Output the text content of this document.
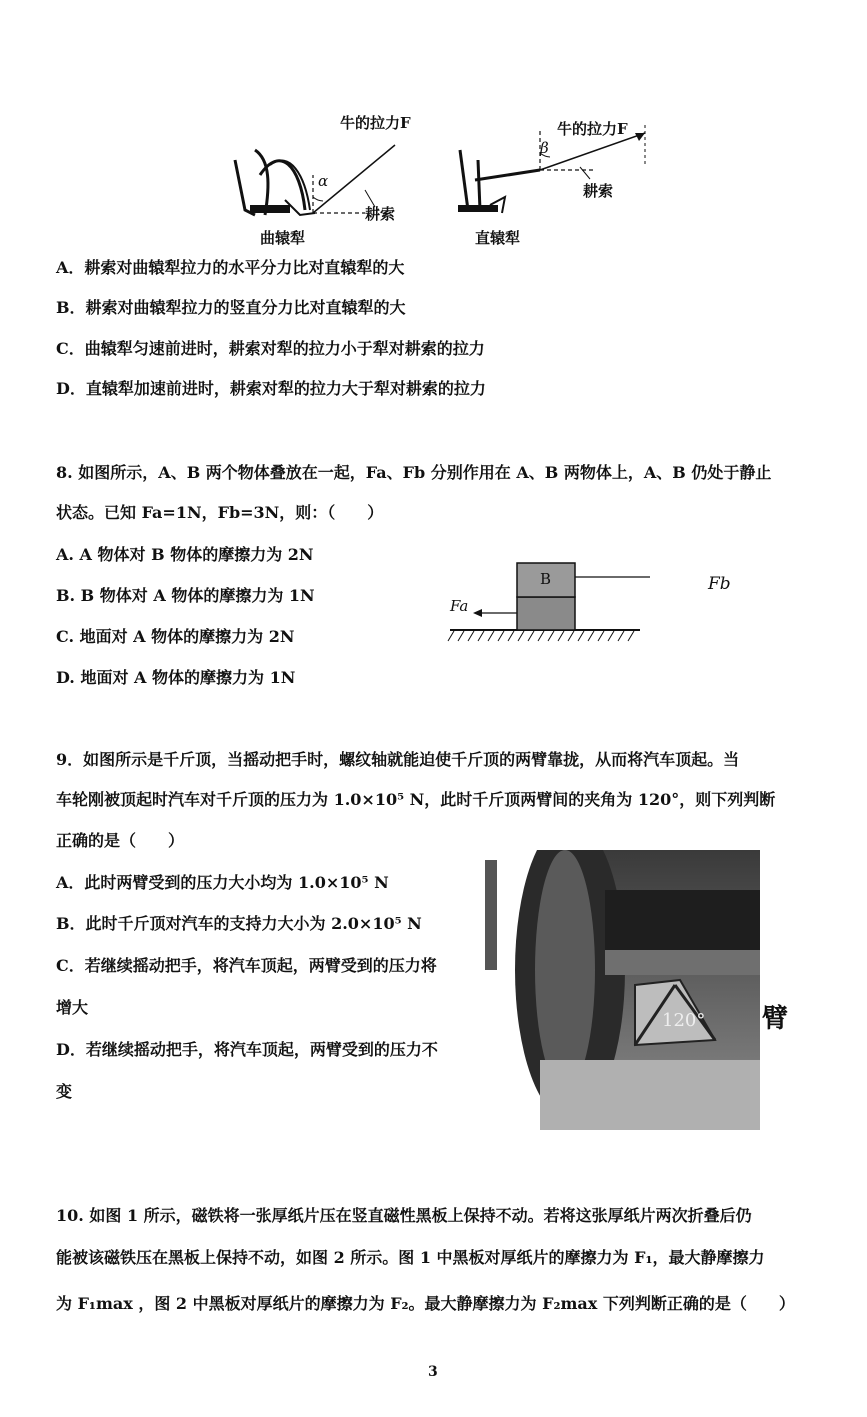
牛的拉力F
α
耕索
曲辕犁
牛的拉力F
β
耕索
直辕犁
A．耕索对曲辕犁拉力的水平分力比对直辕犁的大
B．耕索对曲辕犁拉力的竖直分力比对直辕犁的大
C．曲辕犁匀速前进时，耕索对犁的拉力小于犁对耕索的拉力
D．直辕犁加速前进时，耕索对犁的拉力大于犁对耕索的拉力
8. 如图所示，A、B 两个物体叠放在一起，Fa、Fb 分别作用在 A、B 两物体上，A、B 仍处于静止
状态。已知 Fa=1N，Fb=3N，则：（　　）
A. A 物体对 B 物体的摩擦力为 2N
B. B 物体对 A 物体的摩擦力为 1N
C. 地面对 A 物体的摩擦力为 2N
D. 地面对 A 物体的摩擦力为 1N
B
Fa
Fb
9．如图所示是千斤顶，当摇动把手时，螺纹轴就能迫使千斤顶的两臂靠拢，从而将汽车顶起。当
车轮刚被顶起时汽车对千斤顶的压力为 1.0×10⁵ N，此时千斤顶两臂间的夹角为 120°，则下列判断
正确的是（　　）
A．此时两臂受到的压力大小均为 1.0×10⁵ N
B．此时千斤顶对汽车的支持力大小为 2.0×10⁵ N
C．若继续摇动把手，将汽车顶起，两臂受到的压力将
增大
D．若继续摇动把手，将汽车顶起，两臂受到的压力不
变
120° 臂
10. 如图 1 所示，磁铁将一张厚纸片压在竖直磁性黑板上保持不动。若将这张厚纸片两次折叠后仍
能被该磁铁压在黑板上保持不动，如图 2 所示。图 1 中黑板对厚纸片的摩擦力为 F₁，最大静摩擦力
为 F₁max ，图 2 中黑板对厚纸片的摩擦力为 F₂。最大静摩擦力为 F₂max 下列判断正确的是（　　）
3
